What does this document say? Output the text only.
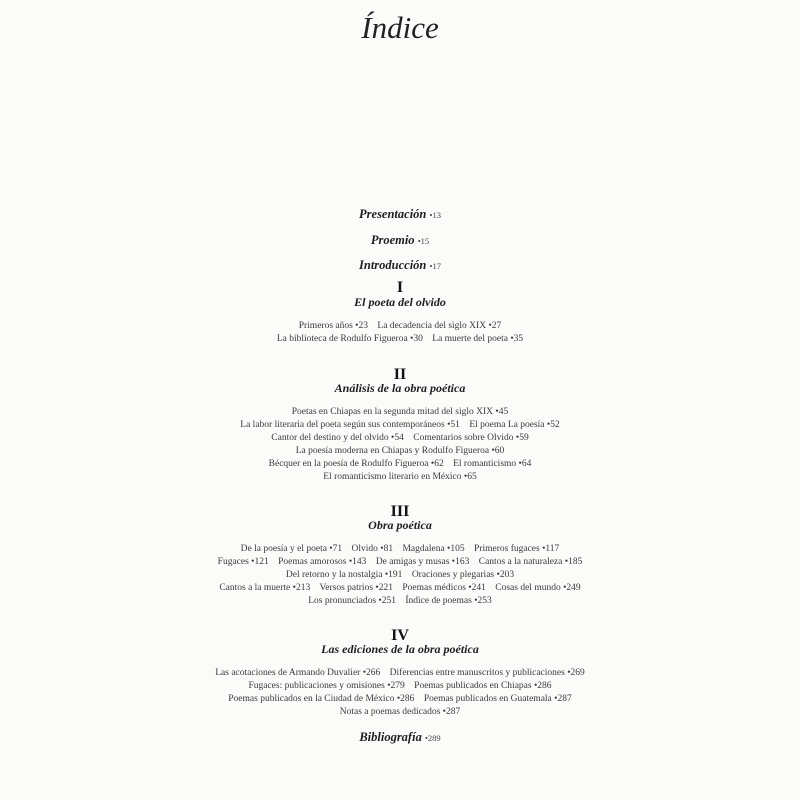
Índice
Presentación •13
Proemio •15
Introducción •17
I
El poeta del olvido
Primeros años •23 La decadencia del siglo XIX •27
La biblioteca de Rodulfo Figueroa •30 La muerte del poeta •35
II
Análisis de la obra poética
Poetas en Chiapas en la segunda mitad del siglo XIX •45
La labor literaria del poeta según sus contemporáneos •51 El poema La poesía •52
Cantor del destino y del olvido •54 Comentarios sobre Olvido •59
La poesía moderna en Chiapas y Rodulfo Figueroa •60
Bécquer en la poesía de Rodulfo Figueroa •62 El romanticismo •64
El romanticismo literario en México •65
III
Obra poética
De la poesía y el poeta •71 Olvido •81 Magdalena •105 Primeros fugaces •117
Fugaces •121 Poemas amorosos •143 De amigas y musas •163 Cantos a la naturaleza •185
Del retorno y la nostalgia •191 Oraciones y plegarias •203
Cantos a la muerte •213 Versos patrios •221 Poemas médicos •241 Cosas del mundo •249
Los pronunciados •251 Índice de poemas •253
IV
Las ediciones de la obra poética
Las acotaciones de Armando Duvalier •266 Diferencias entre manuscritos y publicaciones •269
Fugaces: publicaciones y omisiones •279 Poemas publicados en Chiapas •286
Poemas publicados en la Ciudad de México •286 Poemas publicados en Guatemala •287
Notas a poemas dedicados •287
Bibliografía •289
